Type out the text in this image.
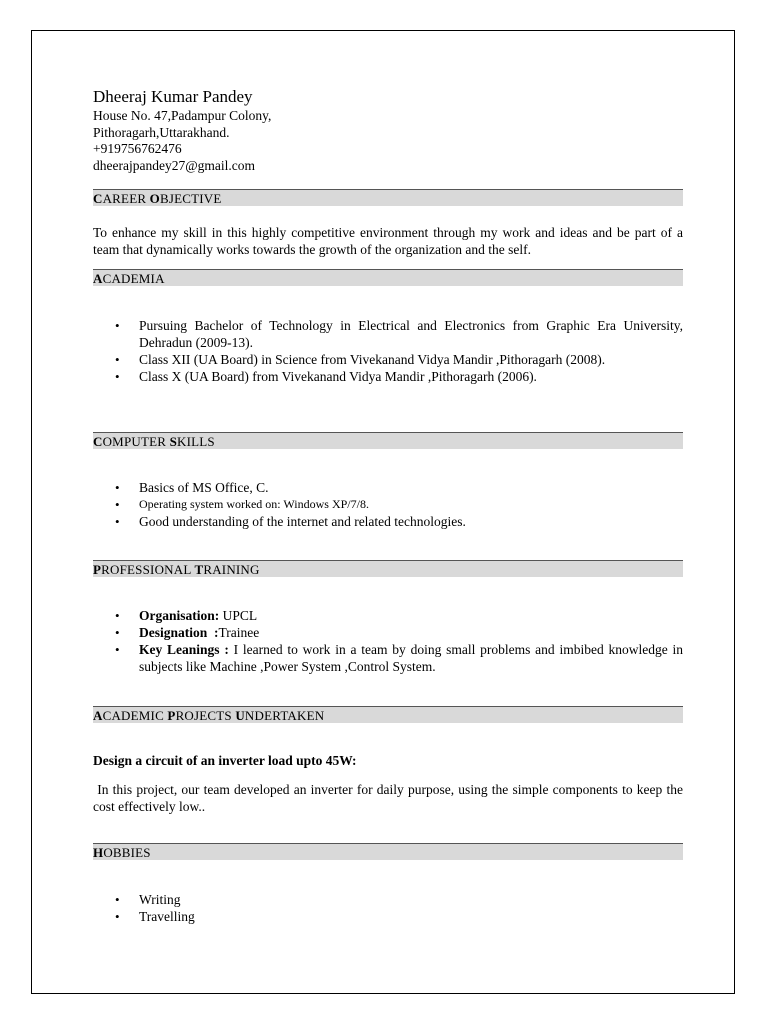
Dheeraj Kumar Pandey

House No. 47,Padampur Colony,

Pithoragarh,Uttarakhand.

+919756762476

dheerajpandey27@gmail.com

CAREER OBJECTIVE

To enhance my skill in this highly competitive environment through my work and ideas and be part of a team that dynamically works towards the growth of the organization and the self.

ACADEMIA
• Pursuing Bachelor of Technology in Electrical and Electronics from Graphic Era University, Dehradun (2009-13).
• Class XII (UA Board) in Science from Vivekanand Vidya Mandir ,Pithoragarh (2008).
• Class X (UA Board) from Vivekanand Vidya Mandir ,Pithoragarh (2006).
COMPUTER SKILLS
• Basics of MS Office, C.
• Operating system worked on: Windows XP/7/8.
• Good understanding of the internet and related technologies.
PROFESSIONAL TRAINING
• Organisation: UPCL
• Designation  :Trainee
• Key Leanings : I learned to work in a team by doing small problems and imbibed knowledge in subjects like Machine ,Power System ,Control System.
ACADEMIC PROJECTS UNDERTAKEN

Design a circuit of an inverter load upto 45W:

In this project, our team developed an inverter for daily purpose, using the simple components to keep the cost effectively low..

HOBBIES
• Writing
• Travelling
